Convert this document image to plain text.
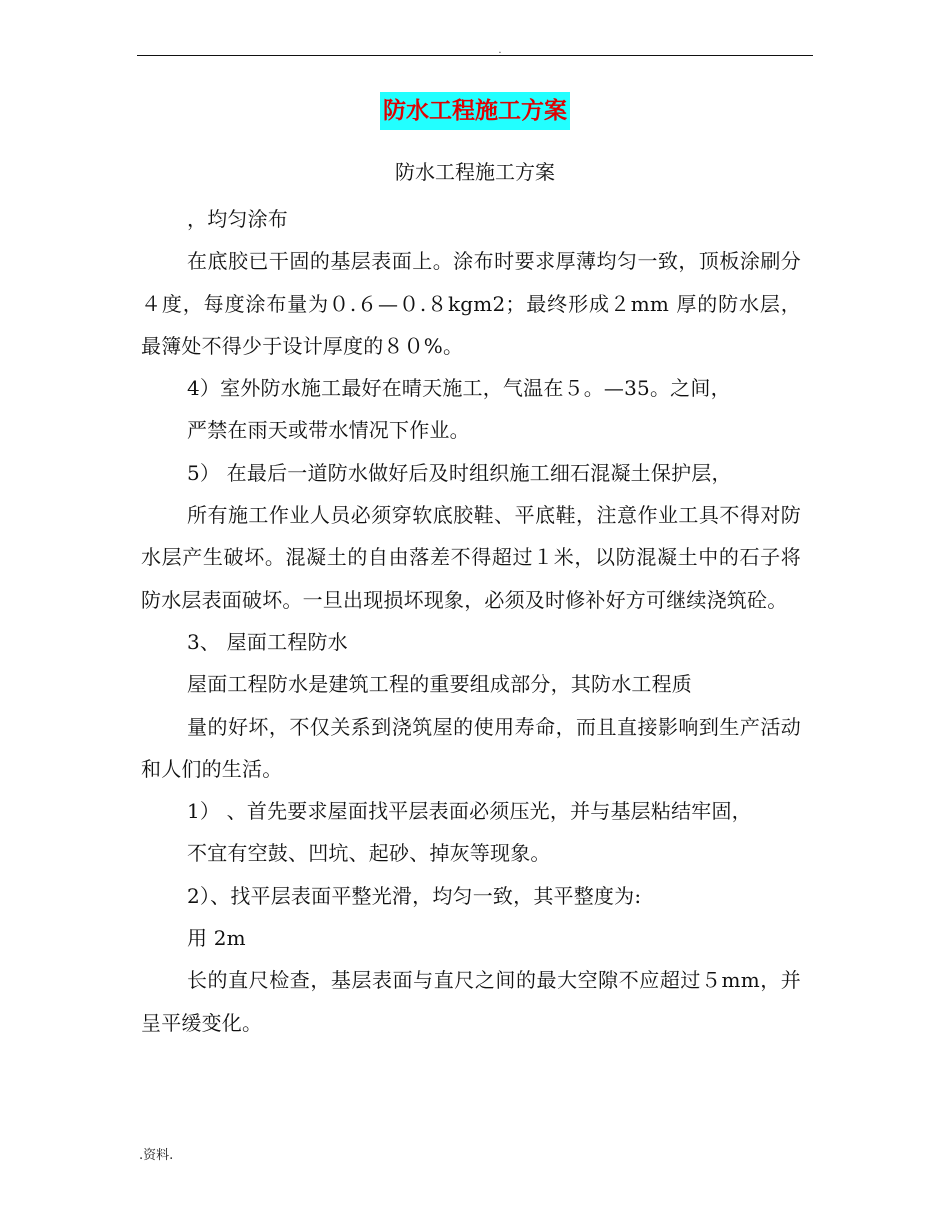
.
防水工程施工方案
防水工程施工方案

，均匀涂布

在底胶已干固的基层表面上。涂布时要求厚薄均匀一致，顶板涂刷分４度，每度涂布量为０.６—０.８kgm2；最终形成２mm 厚的防水层，最簿处不得少于设计厚度的８０%。

4）室外防水施工最好在晴天施工，气温在５。—35。之间，

严禁在雨天或带水情况下作业。

5） 在最后一道防水做好后及时组织施工细石混凝土保护层，

所有施工作业人员必须穿软底胶鞋、平底鞋，注意作业工具不得对防水层产生破坏。混凝土的自由落差不得超过１米，以防混凝土中的石子将防水层表面破坏。一旦出现损坏现象，必须及时修补好方可继续浇筑砼。

3、 屋面工程防水

屋面工程防水是建筑工程的重要组成部分，其防水工程质

量的好坏，不仅关系到浇筑屋的使用寿命，而且直接影响到生产活动和人们的生活。

1） 、首先要求屋面找平层表面必须压光，并与基层粘结牢固，

不宜有空鼓、凹坑、起砂、掉灰等现象。

2）、找平层表面平整光滑，均匀一致，其平整度为:

用 2m

长的直尺检查，基层表面与直尺之间的最大空隙不应超过５mm，并呈平缓变化。

.资料.
